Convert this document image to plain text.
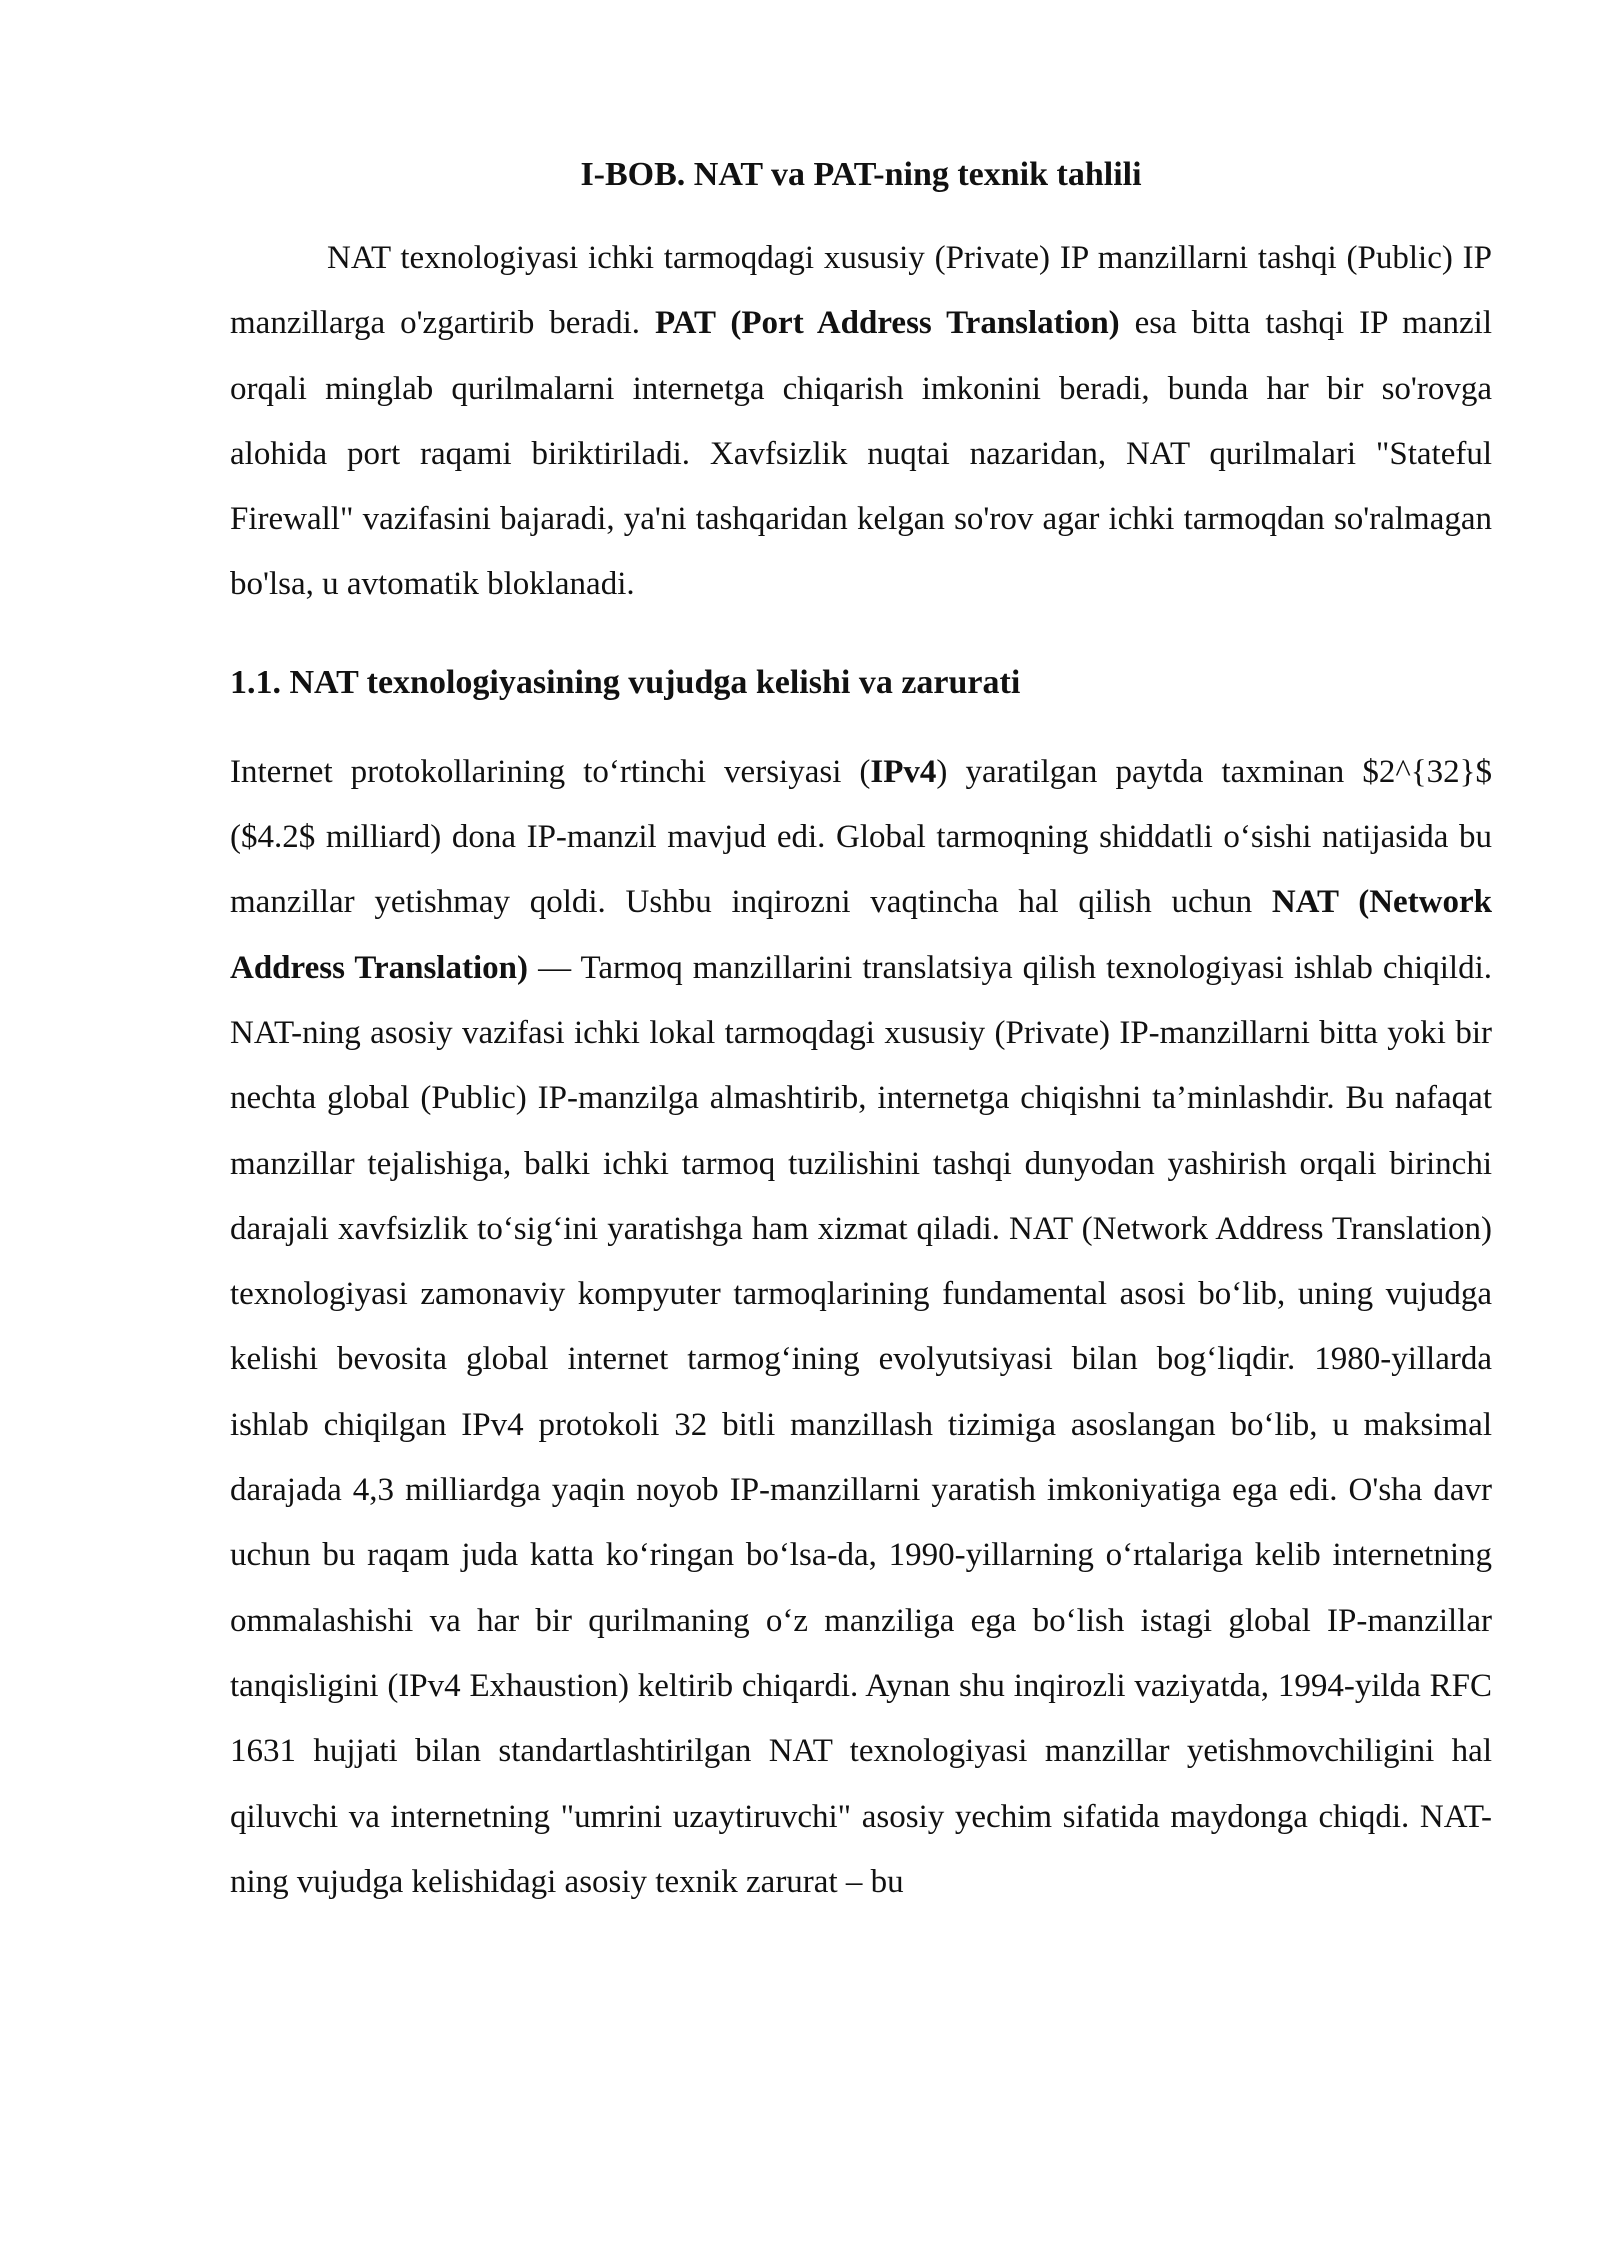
I-BOB. NAT va PAT-ning texnik tahlili

NAT texnologiyasi ichki tarmoqdagi xususiy (Private) IP manzillarni tashqi (Public) IP manzillarga o'zgartirib beradi. PAT (Port Address Translation) esa bitta tashqi IP manzil orqali minglab qurilmalarni internetga chiqarish imkonini beradi, bunda har bir so'rovga alohida port raqami biriktiriladi. Xavfsizlik nuqtai nazaridan, NAT qurilmalari "Stateful Firewall" vazifasini bajaradi, ya'ni tashqaridan kelgan so'rov agar ichki tarmoqdan so'ralmagan bo'lsa, u avtomatik bloklanadi.

1.1. NAT texnologiyasining vujudga kelishi va zarurati

Internet protokollarining to‘rtinchi versiyasi (IPv4) yaratilgan paytda taxminan $2^{32}$ ($4.2$ milliard) dona IP-manzil mavjud edi. Global tarmoqning shiddatli o‘sishi natijasida bu manzillar yetishmay qoldi. Ushbu inqirozni vaqtincha hal qilish uchun NAT (Network Address Translation) — Tarmoq manzillarini translatsiya qilish texnologiyasi ishlab chiqildi. NAT-ning asosiy vazifasi ichki lokal tarmoqdagi xususiy (Private) IP-manzillarni bitta yoki bir nechta global (Public) IP-manzilga almashtirib, internetga chiqishni ta’minlashdir. Bu nafaqat manzillar tejalishiga, balki ichki tarmoq tuzilishini tashqi dunyodan yashirish orqali birinchi darajali xavfsizlik to‘sig‘ini yaratishga ham xizmat qiladi. NAT (Network Address Translation) texnologiyasi zamonaviy kompyuter tarmoqlarining fundamental asosi bo‘lib, uning vujudga kelishi bevosita global internet tarmog‘ining evolyutsiyasi bilan bog‘liqdir. 1980-yillarda ishlab chiqilgan IPv4 protokoli 32 bitli manzillash tizimiga asoslangan bo‘lib, u maksimal darajada 4,3 milliardga yaqin noyob IP-manzillarni yaratish imkoniyatiga ega edi. O'sha davr uchun bu raqam juda katta ko‘ringan bo‘lsa-da, 1990-yillarning o‘rtalariga kelib internetning ommalashishi va har bir qurilmaning o‘z manziliga ega bo‘lish istagi global IP-manzillar tanqisligini (IPv4 Exhaustion) keltirib chiqardi. Aynan shu inqirozli vaziyatda, 1994-yilda RFC 1631 hujjati bilan standartlashtirilgan NAT texnologiyasi manzillar yetishmovchiligini hal qiluvchi va internetning "umrini uzaytiruvchi" asosiy yechim sifatida maydonga chiqdi. NAT-ning vujudga kelishidagi asosiy texnik zarurat – bu
